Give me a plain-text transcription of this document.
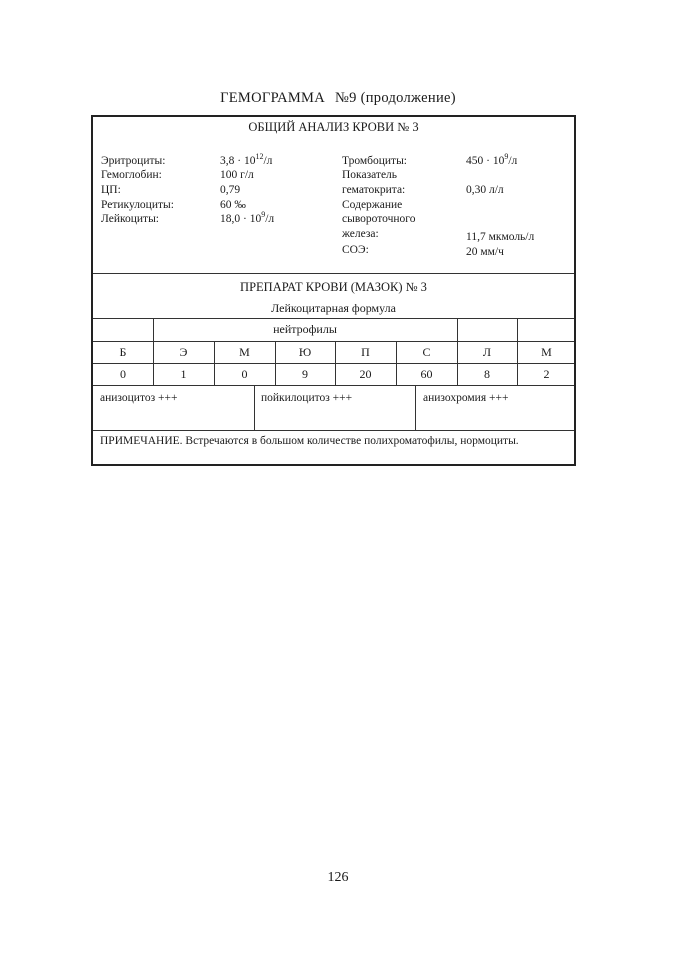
ГЕМОГРАММА №9 (продолжение)
ОБЩИЙ АНАЛИЗ КРОВИ № 3
Эритроциты:	$3,8 \cdot 10^{12}/л$
Гемоглобин:	100 г/л
ЦП:	0,79
Ретикулоциты:	60 ‰
Лейкоциты:	$18,0 \cdot 10^9/л$
Тромбоциты:	$450 \cdot 10^9/л$
Показатель
гематокрита:	0,30 л/л
Содержание
сывороточного
железа:	11,7 мкмоль/л
СОЭ:	20 мм/ч
ПРЕПАРАТ КРОВИ (МАЗОК) № 3
Лейкоцитарная формула
нейтрофилы
Б	Э	М	Ю	П	С	Л	М
0	1	0	9	20	60	8	2
анизоцитоз +++	пойкилоцитоз +++	анизохромия +++
ПРИМЕЧАНИЕ. Встречаются в большом количестве полихроматофилы, нормоциты.
126
